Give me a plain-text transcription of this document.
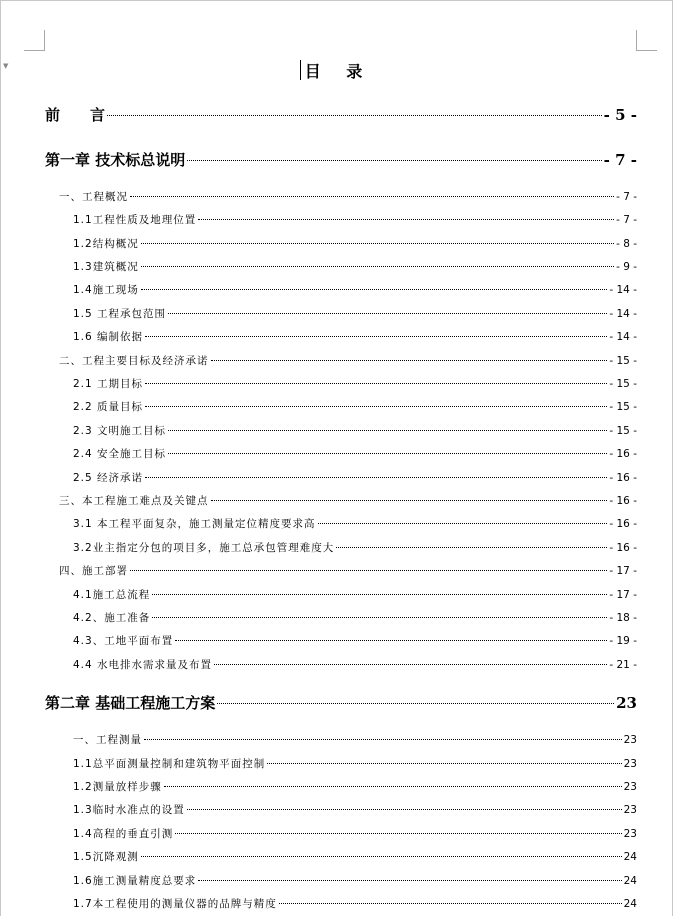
▼	目 录
前　　言	- 5 -
第一章 技术标总说明	- 7 -
一、工程概况	- 7 -
1.1工程性质及地理位置	- 7 -
1.2结构概况	- 8 -
1.3建筑概况	- 9 -
1.4施工现场	- 14 -
1.5 工程承包范围	- 14 -
1.6 编制依据	- 14 -
二、工程主要目标及经济承诺	- 15 -
2.1 工期目标	- 15 -
2.2 质量目标	- 15 -
2.3 文明施工目标	- 15 -
2.4 安全施工目标	- 16 -
2.5 经济承诺	- 16 -
三、本工程施工难点及关键点	- 16 -
3.1 本工程平面复杂，施工测量定位精度要求高	- 16 -
3.2业主指定分包的项目多，施工总承包管理难度大	- 16 -
四、施工部署	- 17 -
4.1施工总流程	- 17 -
4.2、施工准备	- 18 -
4.3、工地平面布置	- 19 -
4.4 水电排水需求量及布置	- 21 -
第二章 基础工程施工方案	23
一、工程测量	23
1.1总平面测量控制和建筑物平面控制	23
1.2测量放样步骤	23
1.3临时水准点的设置	23
1.4高程的垂直引测	23
1.5沉降观测	24
1.6施工测量精度总要求	24
1.7本工程使用的测量仪器的品牌与精度	24
